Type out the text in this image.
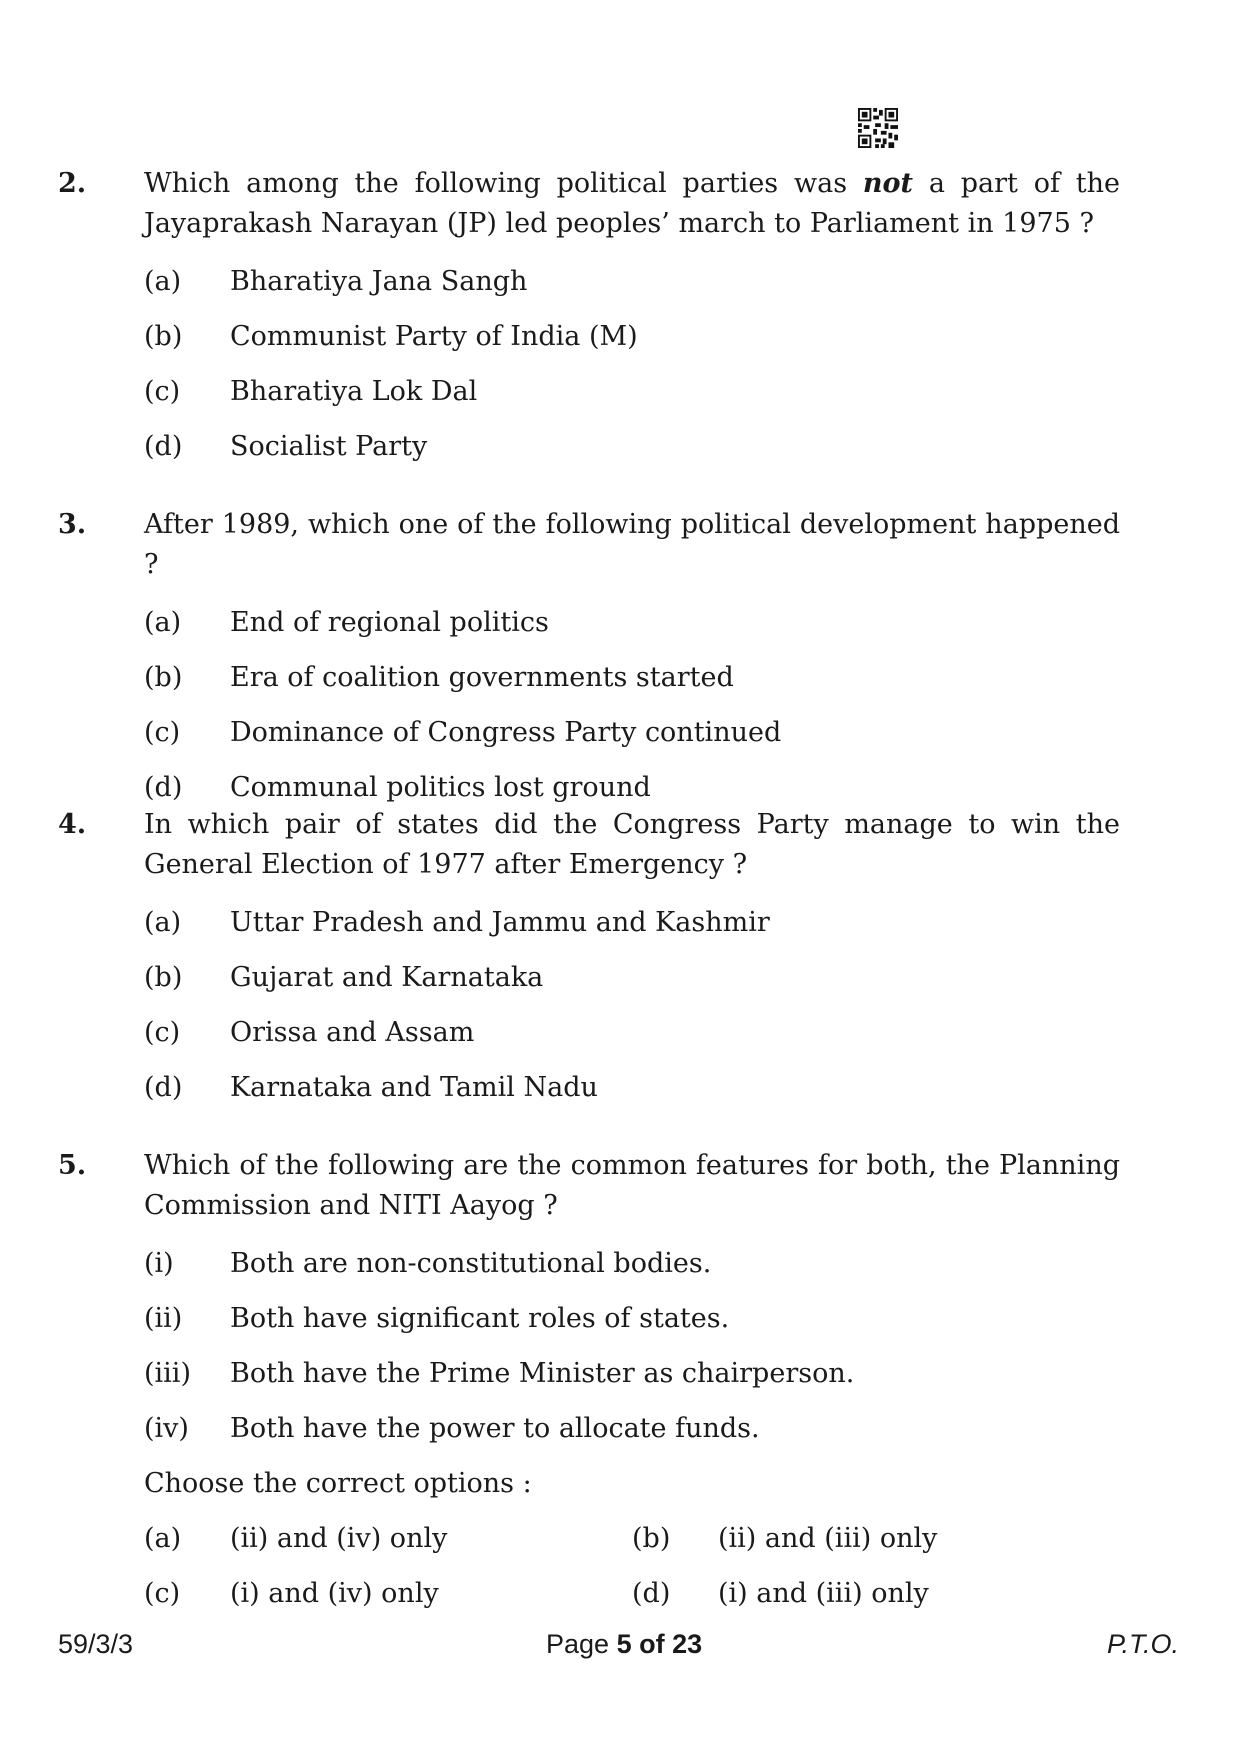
2. Which among the following political parties was not a part of the Jayaprakash Narayan (JP) led peoples’ march to Parliament in 1975 ?
(a)	Bharatiya Jana Sangh
(b)	Communist Party of India (M)
(c)	Bharatiya Lok Dal
(d)	Socialist Party
3. After 1989, which one of the following political development happened ?
(a)	End of regional politics
(b)	Era of coalition governments started
(c)	Dominance of Congress Party continued
(d)	Communal politics lost ground
4. In which pair of states did the Congress Party manage to win the General Election of 1977 after Emergency ?
(a)	Uttar Pradesh and Jammu and Kashmir
(b)	Gujarat and Karnataka
(c)	Orissa and Assam
(d)	Karnataka and Tamil Nadu
5. Which of the following are the common features for both, the Planning Commission and NITI Aayog ?
(i)	Both are non-constitutional bodies.
(ii)	Both have significant roles of states.
(iii)	Both have the Prime Minister as chairperson.
(iv)	Both have the power to allocate funds.
Choose the correct options :
(a)	(ii) and (iv) only	(b)	(ii) and (iii) only
(c)	(i) and (iv) only	(d)	(i) and (iii) only
59/3/3	Page 5 of 23	P.T.O.
